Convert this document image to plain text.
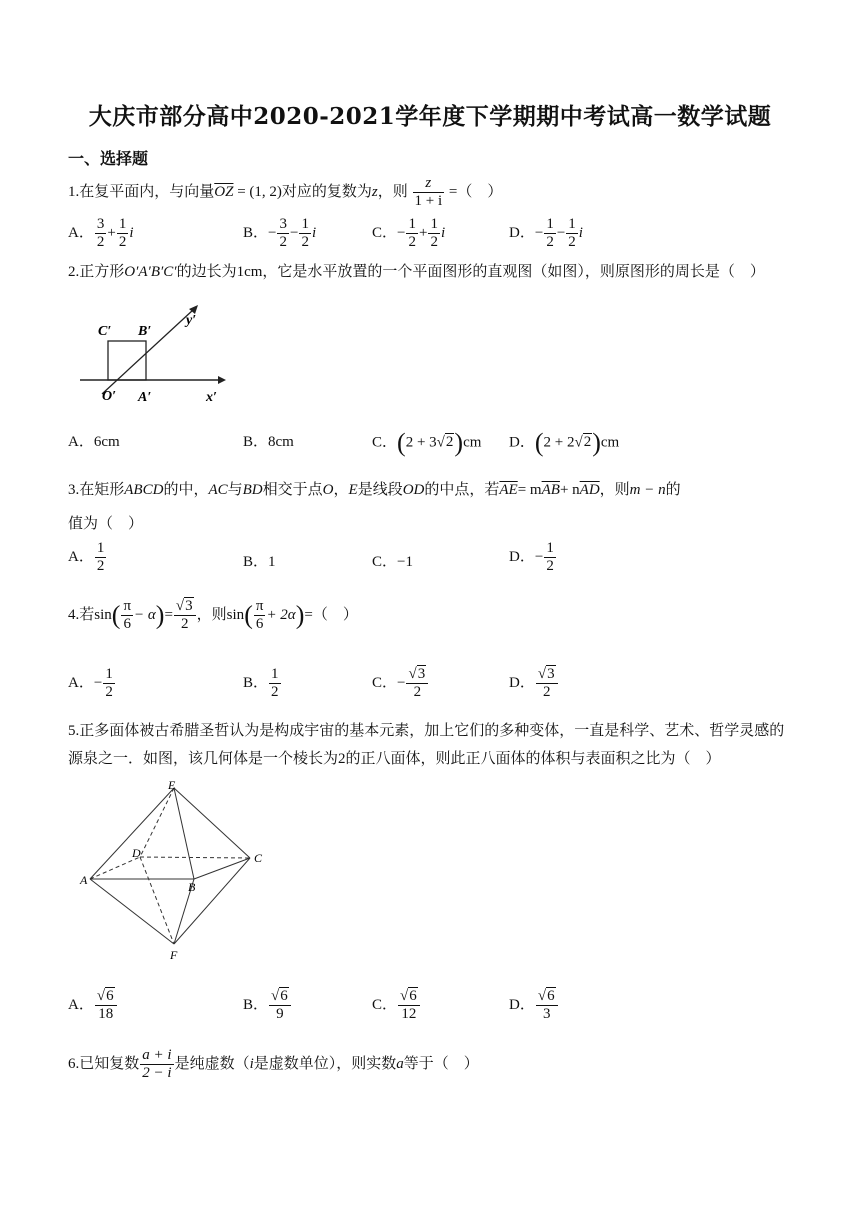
大庆市部分高中2020-2021学年度下学期期中考试高一数学试题
一、选择题
1.在复平面内，与向量$\overline{OZ} = (1$, 2)对应的复数为z，则 $\frac{z}{1 + i}$ =（　）
A． $\frac{3}{2} + \frac{1}{2}$ i	B．− $\frac{3}{2} - \frac{1}{2}$ i	C．− $\frac{1}{2} + \frac{1}{2}$ i	D．− $\frac{1}{2} - \frac{1}{2}$ i
2.正方形O′A′B′C′的边长为1cm，它是水平放置的一个平面图形的直观图（如图），则原图形的周长是（　）
C′ B′
y′
O′ A′	x′
A．6cm	B．8cm	C．(2 + 3√2)cm D．(2 + 2√2)cm
3.在矩形ABCD的中，AC与BD相交于点O，E是线段OD的中点，若$\overline{AE}= m\overline{AB}+ n\overline{AD}$，则m − n的
值为（　）
A． $\frac{1}{2}$	B．1	C．−1	D．− $\frac{1}{2}$
4.若$\sin( \frac{\pi}{6} - \alpha)= \frac{√3}{2}$ ，则$\sin( \frac{\pi}{6} + 2\alpha)=$（　）
A．− $\frac{1}{2}$	B． $\frac{1}{2}$	C．− $\frac{√3}{2}$	D． $\frac{√3}{2}$
5.正多面体被古希腊圣哲认为是构成宇宙的基本元素，加上它们的多种变体，一直是科学、艺术、哲学灵感的
源泉之一．如图，该几何体是一个棱长为2的正八面体，则此正八面体的体积与表面积之比为（　）
E
D	C
A	B
F
A． $\frac{√6}{18}$	B． $\frac{√6}{9}$	C． $\frac{√6}{12}$	D． $\frac{√6}{3}$
6.已知复数 $\frac{a + i}{2 - i}$ 是纯虚数（i是虚数单位），则实数a等于（　）
